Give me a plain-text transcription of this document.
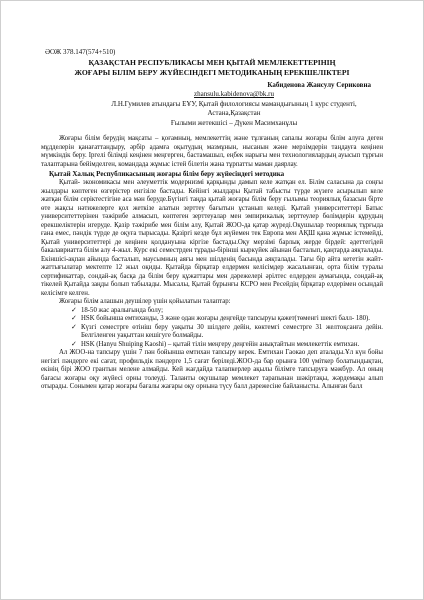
ӘОЖ 378.147(574+510)
ҚАЗАҚСТАН РЕСПУБЛИКАСЫ МЕН ҚЫТАЙ МЕМЛЕКЕТТЕРІНІҢ
ЖОҒАРЫ БІЛІМ БЕРУ ЖҮЙЕСІНДЕГІ МЕТОДИКАНЫҢ ЕРЕКШЕЛІКТЕРІ
Кабиденова Жансулу Сериковна
zhansulu.kabidenova@bk.ru
Л.Н.Гумилев атындағы ЕҰУ, Қытай филологиясы мамандығының 1 курс студенті,
Астана,Қазақстан
Ғылыми жетекшісі – Дүкен Масимханұлы

Жоғары білім берудің мақсаты – қоғамның, мемлекеттің және тұлғаның сапалы жоғары білім алуға деген мұдделерін қанағаттандыру, әрбір адамға оқытудың мазмұнын, нысанын және мерзімдерін таңдауға кеңінен мүмкіндік беру. Іргелі білімді кеңінен меңгерген, бастамашыл, еңбек нарығы мен технологиялардың ауысып тұрғын талаптарына бейімделген, командада жұмыс істей білетін жана тұрпатты маман даярлау.

Қытай Халық Республикасының жоғары білім беру жүйесіндегі методика

Қытай- экономикасы мен әлеуметтік модернизмі қарқынды дамып келе жатқан ел. Білім саласына да соңғы жылдары көптеген өзгерістер енгізіле бастады. Кейінгі жылдары Қытай табысты түрде жүзеге асырылып келе жатқан білім серіктестігіне аса мән беруде.Бүгінгі таңда қытай жоғары білім беру ғылымы теориялық базасын бірте өте жақсы нәтижелерге қол жеткізе алатын зерттеу бағытын ұстанып келеді. Қытай университеттері Батыс университеттерінен тәжірибе алмасып, көптеген зерттеуалар мен эмпирикалық зерттеулер бөлімдерін құрудың ерекшеліктерін игеруде. Қазір тәжірибе мен білім алу, Қытай ЖОО-да қатар жүреді.Оқушылар теориялық тұрғыда ғана емес, пәндік түрде де оқуға тырысады. Қазіргі кезде бұл жүйемен тек Европа мен АҚШ қана жұмыс істемейді, Қытай университеттері де кеңінен қолдануына кіргізе бастады.Оқу мерзімі барлық жерде бірдей: әдеттегідей бакалавриатта білім алу 4-жыл. Курс екі семестрден тұрады-бірінші кыркүйек айынан басталып, қаңтарда аяқталады. Екіншісі-ақпан айында басталып, маусымның аяғы мен шілденің басында аяқталады. Тағы бір айта кететін жайт-жаттығылатар мектепте 12 жыл оқиды. Қытайда бірқатар елдермен келісімдер жасалынған, орта білім туралы сертификаттар, сондай-ақ басқа да білім беру құжаттары мен дәрежелері әрілтес елдерден аумағында, сондай-ақ тікелей Қытайда заңды болып табылады. Мысалы, Қытай бұрынғы КСРО мен Ресейдің бірқатар елдерімен осындай келісімге келген.

Жоғары білім алашын деушілер үшін қойылатын талаптар:
✓ 18-50 жас аралығында болу;
✓ HSK бойынша емтиханды, 3 және одан жоғары деңгейде тапсыруы қажет(төменгі шекті балл- 180).
✓ Күзгі семестрге өтініш беру уақыты 30 шілдеге дейін, көктемгі семестрге 31 желтоқсанға дейін. Белгіленген уақыттан кешігуге болмайды.
✓ HSK (Hanyu Shuiping Kaoshi) – қытай тілін меңгеру деңгейін анықтайтын мемлекеттік емтихан.

Ал ЖОО-на тапсыру үшін 7 пән бойынша емтихан тапсыру керек. Емтихан Гаокао деп аталады.Ұл күн бойы негізгі пәндерге екі сағат, профильдік пәндерге 1,5 сағат беріледі.ЖОО-да бар орынға 100 үміткер болатындықтан, екінің бірі ЖОО грантын мелене алмайды. Кей жағдайда талапкерлер ақылы білімге тапсыруға мәжбүр. Ал оның бағасы жоғары оқу жүйесі орны толеуді. Таланты оқушылар мемлекет тарапынан шәкіртақы, жәрдемақы алып отырады. Сонымен қатар жоғары бағалы жағары оқу орнына түсу балл дәрежесіне байланысты. Алынған балл
